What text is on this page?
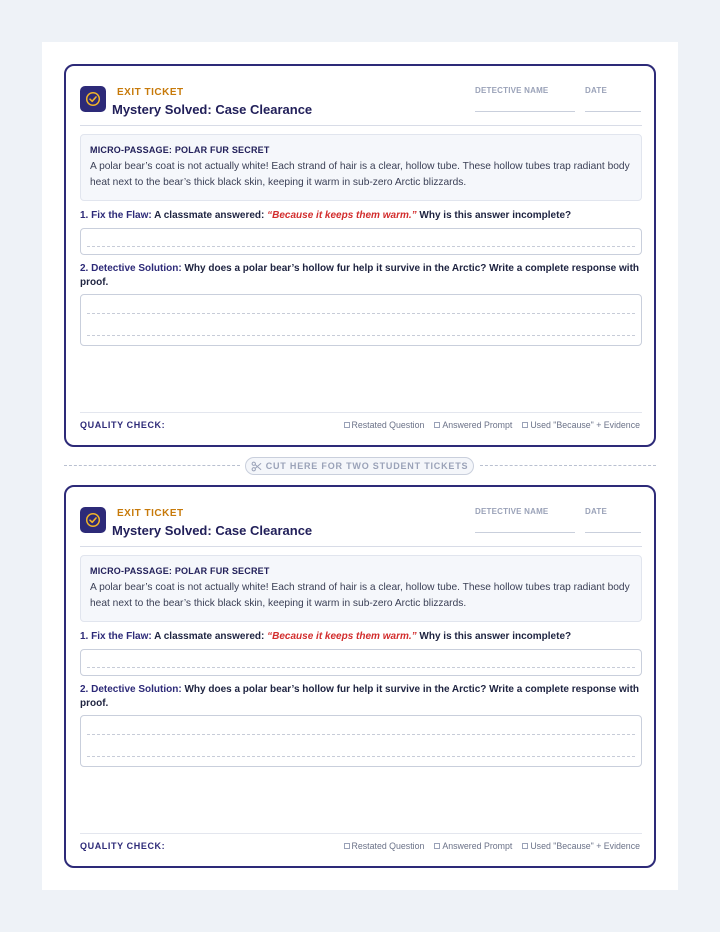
EXIT TICKET
Mystery Solved: Case Clearance
DETECTIVE NAME	DATE
MICRO-PASSAGE: POLAR FUR SECRET
A polar bear’s coat is not actually white! Each strand of hair is a clear, hollow tube. These hollow tubes trap radiant body heat next to the bear’s thick black skin, keeping it warm in sub-zero Arctic blizzards.
1. Fix the Flaw: A classmate answered: “Because it keeps them warm.” Why is this answer incomplete?
2. Detective Solution: Why does a polar bear’s hollow fur help it survive in the Arctic? Write a complete response with proof.
QUALITY CHECK:	Restated Question Answered Prompt Used "Because" + Evidence
CUT HERE FOR TWO STUDENT TICKETS
EXIT TICKET
Mystery Solved: Case Clearance
DETECTIVE NAME	DATE
MICRO-PASSAGE: POLAR FUR SECRET
A polar bear’s coat is not actually white! Each strand of hair is a clear, hollow tube. These hollow tubes trap radiant body heat next to the bear’s thick black skin, keeping it warm in sub-zero Arctic blizzards.
1. Fix the Flaw: A classmate answered: “Because it keeps them warm.” Why is this answer incomplete?
2. Detective Solution: Why does a polar bear’s hollow fur help it survive in the Arctic? Write a complete response with proof.
QUALITY CHECK:	Restated Question Answered Prompt Used "Because" + Evidence
